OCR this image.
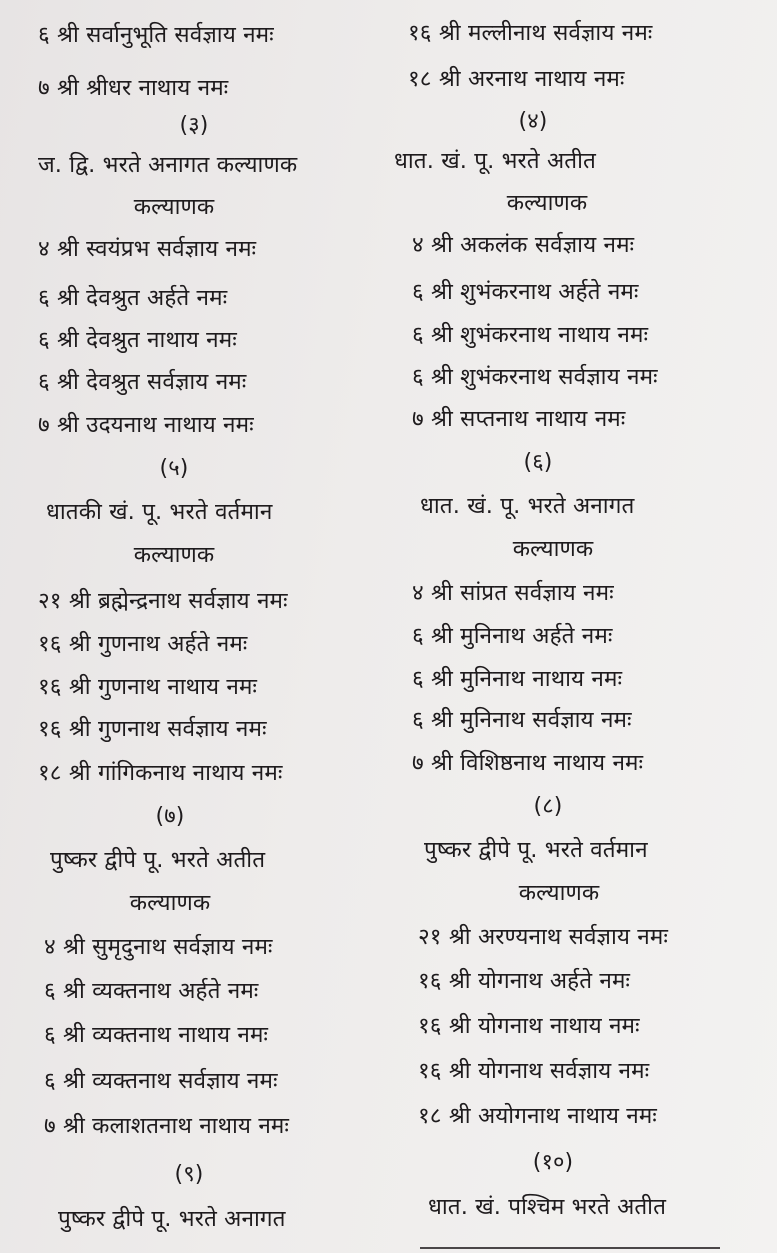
६ श्री सर्वानुभूति सर्वज्ञाय नमः
७ श्री श्रीधर नाथाय नमः
(३)
ज. द्वि. भरते अनागत कल्याणक
कल्याणक
४ श्री स्वयंप्रभ सर्वज्ञाय नमः
६ श्री देवश्रुत अर्हते नमः
६ श्री देवश्रुत नाथाय नमः
६ श्री देवश्रुत सर्वज्ञाय नमः
७ श्री उदयनाथ नाथाय नमः
(५)
धातकी खं. पू. भरते वर्तमान
कल्याणक
२१ श्री ब्रह्मेन्द्रनाथ सर्वज्ञाय नमः
१६ श्री गुणनाथ अर्हते नमः
१६ श्री गुणनाथ नाथाय नमः
१६ श्री गुणनाथ सर्वज्ञाय नमः
१८ श्री गांगिकनाथ नाथाय नमः
(७)
पुष्कर द्वीपे पू. भरते अतीत
कल्याणक
४ श्री सुमृदुनाथ सर्वज्ञाय नमः
६ श्री व्यक्तनाथ अर्हते नमः
६ श्री व्यक्तनाथ नाथाय नमः
६ श्री व्यक्तनाथ सर्वज्ञाय नमः
७ श्री कलाशतनाथ नाथाय नमः
(९)
पुष्कर द्वीपे पू. भरते अनागत
१६ श्री मल्लीनाथ सर्वज्ञाय नमः
१८ श्री अरनाथ नाथाय नमः
(४)
धात. खं. पू. भरते अतीत
कल्याणक
४ श्री अकलंक सर्वज्ञाय नमः
६ श्री शुभंकरनाथ अर्हते नमः
६ श्री शुभंकरनाथ नाथाय नमः
६ श्री शुभंकरनाथ सर्वज्ञाय नमः
७ श्री सप्तनाथ नाथाय नमः
(६)
धात. खं. पू. भरते अनागत
कल्याणक
४ श्री सांप्रत सर्वज्ञाय नमः
६ श्री मुनिनाथ अर्हते नमः
६ श्री मुनिनाथ नाथाय नमः
६ श्री मुनिनाथ सर्वज्ञाय नमः
७ श्री विशिष्ठनाथ नाथाय नमः
(८)
पुष्कर द्वीपे पू. भरते वर्तमान
कल्याणक
२१ श्री अरण्यनाथ सर्वज्ञाय नमः
१६ श्री योगनाथ अर्हते नमः
१६ श्री योगनाथ नाथाय नमः
१६ श्री योगनाथ सर्वज्ञाय नमः
१८ श्री अयोगनाथ नाथाय नमः
(१०)
धात. खं. पश्चिम भरते अतीत
